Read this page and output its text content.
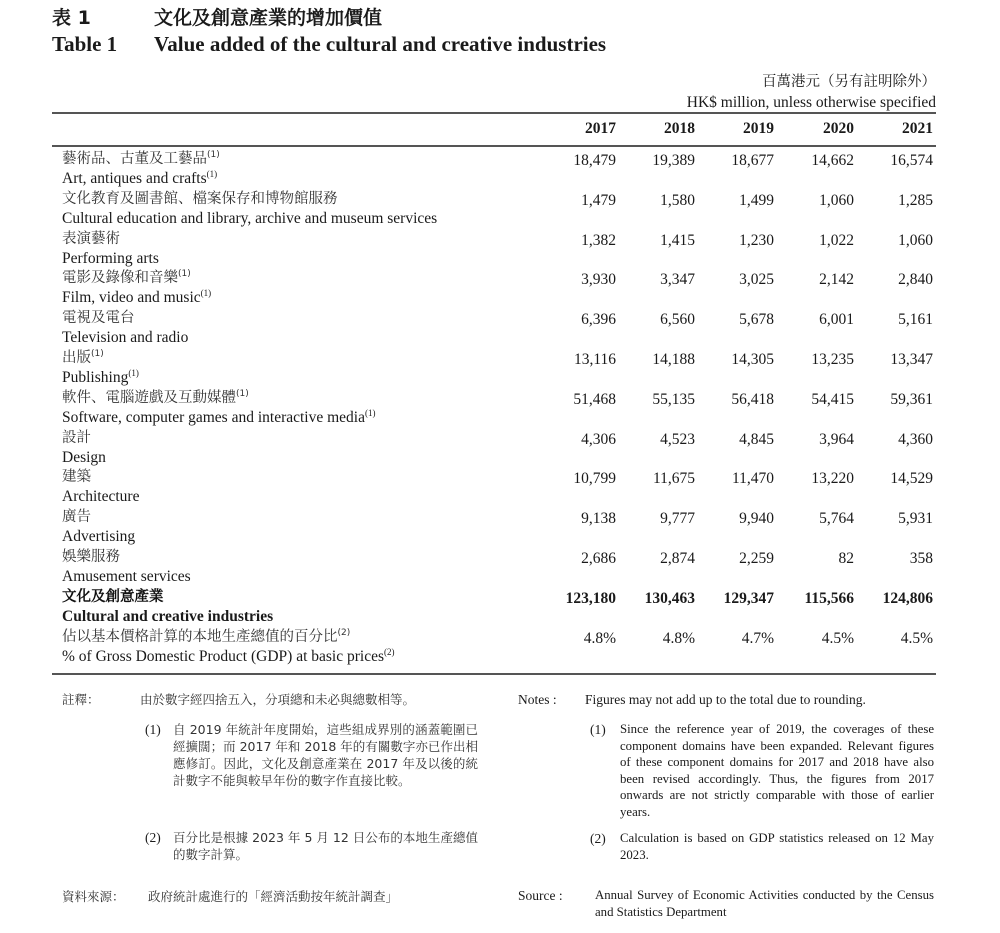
表 1	文化及創意產業的增加價值
Table 1 Value added of the cultural and creative industries
百萬港元（另有註明除外）
HK$ million, unless otherwise specified
2017	2018	2019	2020	2021
藝術品、古董及工藝品$^{(1)}$
Art, antiques and crafts$^{(1)}$
18,479	19,389	18,677	14,662	16,574
文化教育及圖書館、檔案保存和博物館服務
Cultural education and library, archive and museum services
1,479	1,580	1,499	1,060	1,285
表演藝術
Performing arts
1,382	1,415	1,230	1,022	1,060
電影及錄像和音樂$^{(1)}$
Film, video and music$^{(1)}$
3,930	3,347	3,025	2,142	2,840
電視及電台
Television and radio
6,396	6,560	5,678	6,001	5,161
出版$^{(1)}$
Publishing$^{(1)}$
13,116	14,188	14,305	13,235	13,347
軟件、電腦遊戲及互動媒體$^{(1)}$
Software, computer games and interactive media$^{(1)}$
51,468	55,135	56,418	54,415	59,361
設計
Design
4,306	4,523	4,845	3,964	4,360
建築
Architecture
10,799	11,675	11,470	13,220	14,529
廣告
Advertising
9,138	9,777	9,940	5,764	5,931
娛樂服務
Amusement services
2,686	2,874	2,259	82	358
文化及創意產業
Cultural and creative industries
123,180	130,463	129,347	115,566	124,806
佔以基本價格計算的本地生產總值的百分比$^{(2)}$
% of Gross Domestic Product (GDP) at basic prices$^{(2)}$
4.8%	4.8%	4.7%	4.5%	4.5%
註釋：	由於數字經四捨五入，分項總和未必與總數相等。
(1) 自 2019 年統計年度開始，這些組成界別的涵蓋範圍已經擴闊；而 2017 年和 2018 年的有關數字亦已作出相應修訂。因此，文化及創意產業在 2017 年及以後的統計數字不能與較早年份的數字作直接比較。
(2) 百分比是根據 2023 年 5 月 12 日公布的本地生產總值的數字計算。
資料來源： 政府統計處進行的「經濟活動按年統計調查」
Notes : Figures may not add up to the total due to rounding.
(1) Since the reference year of 2019, the coverages of these component domains have been expanded. Relevant figures of these component domains for 2017 and 2018 have also been revised accordingly. Thus, the figures from 2017 onwards are not strictly comparable with those of earlier years.
(2) Calculation is based on GDP statistics released on 12 May 2023.
Source :	Annual Survey of Economic Activities conducted by the Census and Statistics Department
